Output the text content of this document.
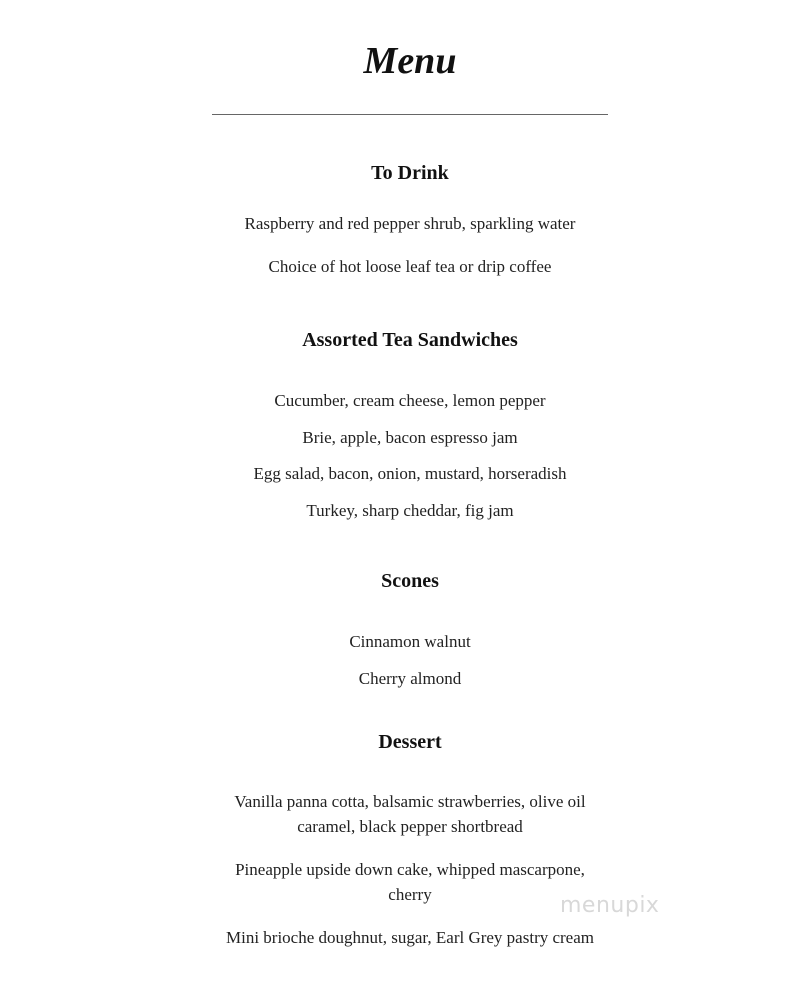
Menu
To Drink
Raspberry and red pepper shrub, sparkling water
Choice of hot loose leaf tea or drip coffee
Assorted Tea Sandwiches
Cucumber, cream cheese, lemon pepper
Brie, apple, bacon espresso jam
Egg salad, bacon, onion, mustard, horseradish
Turkey, sharp cheddar, fig jam
Scones
Cinnamon walnut
Cherry almond
Dessert
Vanilla panna cotta, balsamic strawberries, olive oil
caramel, black pepper shortbread
Pineapple upside down cake, whipped mascarpone,
cherry
Mini brioche doughnut, sugar, Earl Grey pastry cream
menupix
